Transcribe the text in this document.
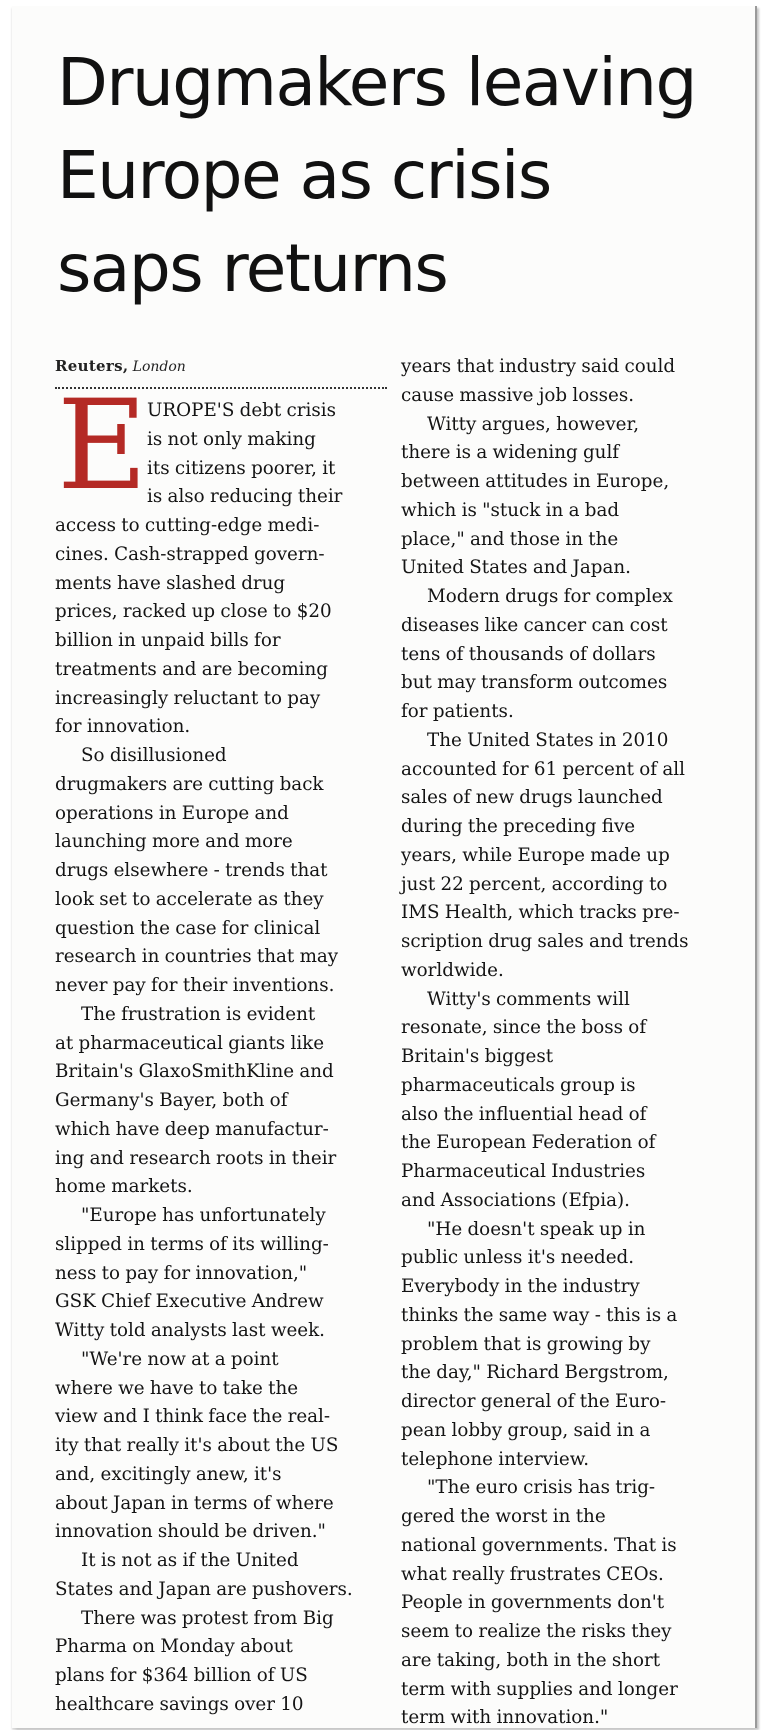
Drugmakers leaving
Europe as crisis
saps returns
Reuters, London
E UROPE'S debt crisis
is not only making
its citizens poorer, it
is also reducing their
access to cutting-edge medi-
cines. Cash-strapped govern-
ments have slashed drug
prices, racked up close to $20
billion in unpaid bills for
treatments and are becoming
increasingly reluctant to pay
for innovation.
So disillusioned
drugmakers are cutting back
operations in Europe and
launching more and more
drugs elsewhere - trends that
look set to accelerate as they
question the case for clinical
research in countries that may
never pay for their inventions.
The frustration is evident
at pharmaceutical giants like
Britain's GlaxoSmithKline and
Germany's Bayer, both of
which have deep manufactur-
ing and research roots in their
home markets.
"Europe has unfortunately
slipped in terms of its willing-
ness to pay for innovation,"
GSK Chief Executive Andrew
Witty told analysts last week.
"We're now at a point
where we have to take the
view and I think face the real-
ity that really it's about the US
and, excitingly anew, it's
about Japan in terms of where
innovation should be driven."
It is not as if the United
States and Japan are pushovers.
There was protest from Big
Pharma on Monday about
plans for $364 billion of US
healthcare savings over 10
years that industry said could
cause massive job losses.
Witty argues, however,
there is a widening gulf
between attitudes in Europe,
which is "stuck in a bad
place," and those in the
United States and Japan.
Modern drugs for complex
diseases like cancer can cost
tens of thousands of dollars
but may transform outcomes
for patients.
The United States in 2010
accounted for 61 percent of all
sales of new drugs launched
during the preceding five
years, while Europe made up
just 22 percent, according to
IMS Health, which tracks pre-
scription drug sales and trends
worldwide.
Witty's comments will
resonate, since the boss of
Britain's biggest
pharmaceuticals group is
also the influential head of
the European Federation of
Pharmaceutical Industries
and Associations (Efpia).
"He doesn't speak up in
public unless it's needed.
Everybody in the industry
thinks the same way - this is a
problem that is growing by
the day," Richard Bergstrom,
director general of the Euro-
pean lobby group, said in a
telephone interview.
"The euro crisis has trig-
gered the worst in the
national governments. That is
what really frustrates CEOs.
People in governments don't
seem to realize the risks they
are taking, both in the short
term with supplies and longer
term with innovation."
